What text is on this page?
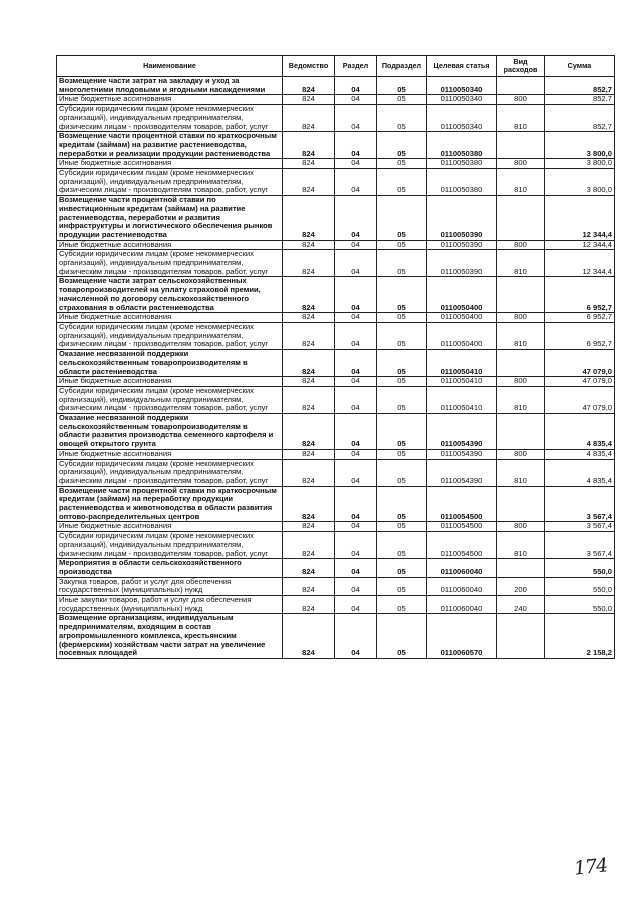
Наименование	Ведомство	Раздел	Подраздел	Целевая статья	Вид расходов	Сумма
Возмещение части затрат на закладку и уход за многолетними плодовыми и ягодными насаждениями	824	04	05	0110050340		852,7
Иные бюджетные ассигнования	824	04	05	0110050340	800	852,7
Субсидии юридическим лицам (кроме некоммерческих организаций), индивидуальным предпринимателям, физическим лицам - производителям товаров, работ, услуг	824	04	05	0110050340	810	852,7
Возмещение части процентной ставки по краткосрочным кредитам (займам) на развитие растениеводства, переработки и реализации продукции растениеводства	824	04	05	0110050380		3 800,0
Иные бюджетные ассигнования	824	04	05	0110050380	800	3 800,0
Субсидии юридическим лицам (кроме некоммерческих организаций), индивидуальным предпринимателям, физическим лицам - производителям товаров, работ, услуг	824	04	05	0110050380	810	3 800,0
Возмещение части процентной ставки по инвестиционным кредитам (займам) на развитие растениеводства, переработки и развития инфраструктуры и логистического обеспечения рынков продукции растениеводства	824	04	05	0110050390		12 344,4
Иные бюджетные ассигнования	824	04	05	0110050390	800	12 344,4
Субсидии юридическим лицам (кроме некоммерческих организаций), индивидуальным предпринимателям, физическим лицам - производителям товаров, работ, услуг	824	04	05	0110050390	810	12 344,4
Возмещение части затрат сельскохозяйственных товаропроизводителей на уплату страховой премии, начисленной по договору сельскохозяйственного страхования в области растениеводства	824	04	05	0110050400		6 952,7
Иные бюджетные ассигнования	824	04	05	0110050400	800	6 952,7
Субсидии юридическим лицам (кроме некоммерческих организаций), индивидуальным предпринимателям, физическим лицам - производителям товаров, работ, услуг	824	04	05	0110050400	810	6 952,7
Оказание несвязанной поддержки сельскохозяйственным товаропроизводителям в области растениеводства	824	04	05	0110050410		47 079,0
Иные бюджетные ассигнования	824	04	05	0110050410	800	47 079,0
Субсидии юридическим лицам (кроме некоммерческих организаций), индивидуальным предпринимателям, физическим лицам - производителям товаров, работ, услуг	824	04	05	0110050410	810	47 079,0
Оказание несвязанной поддержки сельскохозяйственным товаропроизводителям в области развития производства семенного картофеля и овощей открытого грунта	824	04	05	0110054390		4 835,4
Иные бюджетные ассигнования	824	04	05	0110054390	800	4 835,4
Субсидии юридическим лицам (кроме некоммерческих организаций), индивидуальным предпринимателям, физическим лицам - производителям товаров, работ, услуг	824	04	05	0110054390	810	4 835,4
Возмещение части процентной ставки по краткосрочным кредитам (займам) на переработку продукции растениеводства и животноводства в области развития оптово-распределительных центров	824	04	05	0110054500		3 567,4
Иные бюджетные ассигнования	824	04	05	0110054500	800	3 567,4
Субсидии юридическим лицам (кроме некоммерческих организаций), индивидуальным предпринимателям, физическим лицам - производителям товаров, работ, услуг	824	04	05	0110054500	810	3 567,4
Мероприятия в области сельскохозяйственного производства	824	04	05	0110060040		550,0
Закупка товаров, работ и услуг для обеспечения государственных (муниципальных) нужд	824	04	05	0110060040	200	550,0
Иные закупки товаров, работ и услуг для обеспечения государственных (муниципальных) нужд	824	04	05	0110060040	240	550,0
Возмещение организациям, индивидуальным предпринимателям, входящим в состав агропромышленного комплекса, крестьянским (фермерским) хозяйствам части затрат на увеличение посевных площадей	824	04	05	0110060570		2 158,2
174
